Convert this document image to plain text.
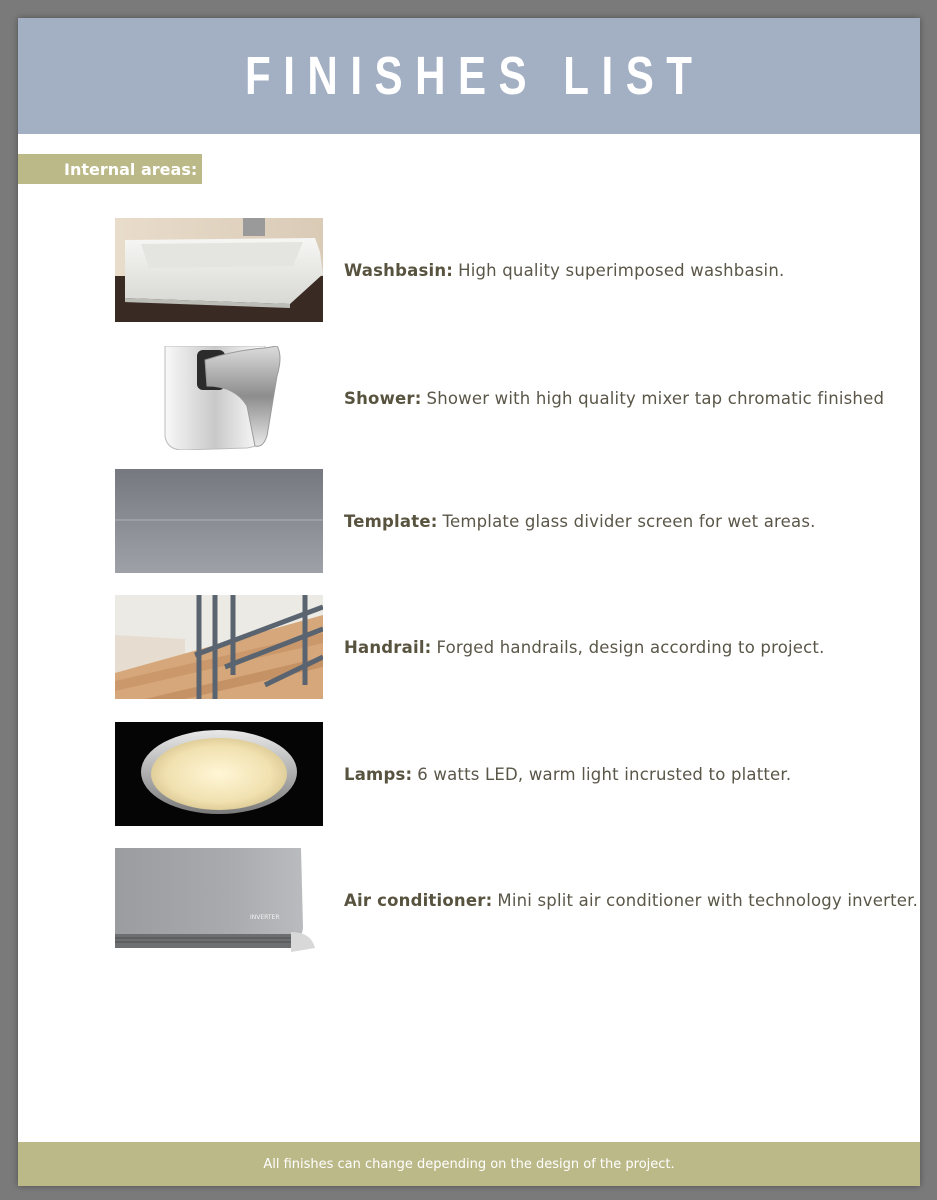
FINISHES LIST
Internal areas:
Washbasin: High quality superimposed washbasin.
Shower: Shower with high quality mixer tap chromatic finished
Template: Template glass divider screen for wet areas.
Handrail: Forged handrails, design according to project.
Lamps: 6 watts LED, warm light incrusted to platter.
INVERTER
Air conditioner: Mini split air conditioner with technology inverter.
All finishes can change depending on the design of the project.
